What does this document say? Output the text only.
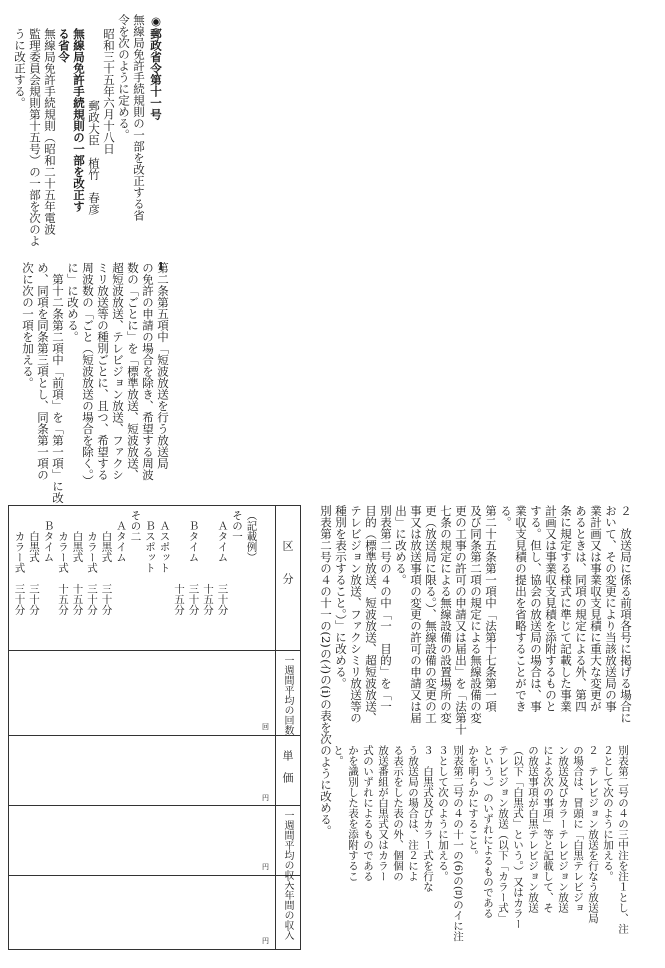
◉郵政省令第十一号
無線局免許手続規則の一部を改正する省
令を次のように定める。
昭和三十五年六月十八日
郵政大臣　植竹　春彦
無線局免許手続規則の一部を改正す
る省令
無線局免許手続規則（昭和二十五年電波
監理委員会規則第十五号）の一部を次のよ
うに改正する。
第二条第五項中「短波放送を行う放送局
の免許の申請の場合を除き、希望する周波
数の「ごとに」を「標準放送、短波放送、
超短波放送、テレビジョン放送、ファクシ
ミリ放送等の種別ごとに、且つ、希望する
周波数の「ごと（短波放送の場合を除く。）
に」に改める。
　第十二条第二項中「前項」を「第一項」に改
め、同項を同条第三項とし、同条第一項の
次に次の一項を加える。
２　放送局に係る前項各号に掲げる場合に
おいて、その変更により当該放送局の事
業計画又は事業収支見積に重大な変更が
あるときは、同項の規定による外、第四
条に規定する様式に準じて記載した事業
計画又は事業収支見積を添附するものと
する。但し、協会の放送局の場合は、事
業収支見積の提出を省略することができ
る。
第二十五条第一項中「法第十七条第一項
及び同条第二項の規定による無線設備の変
更の工事の許可の申請又は届出」を「法第十
七条の規定による無線設備の設置場所の変
更（放送局に限る。）、無線設備の変更の工
事又は放送事項の変更の許可の申請又は届
出」に改める。
別表第二号の４の中「一　目的」を「一
目的（標準放送、短波放送、超短波放送、
テレビジョン放送、ファクシミリ放送等の
種別を表示すること。）」に改める。
別表第二号の４の十一の(2)の(ｲ)の(i)の表を次のように改める。
別表第二号の４の三中注を注１とし、注
２として次のように加える。
２　テレビジョン放送を行なう放送局
の場合は、冒頭に「白黒テレビジョ
ン放送及びカラーテレビジョン放送
による次の事項」等と記載して、そ
の放送事項が白黒テレビジョン放送
（以下「白黒式」という。）又はカラー
テレビジョン放送（以下「カラー式」
という。）のいずれによるものである
かを明らかにすること。
別表第二号の４の十一の(6)の(ﾛ)のイに注
３として次のように加える。
３　白黒式及びカラー式を行な
う放送局の場合は、注２によ
る表示をした表の外、個個の
放送番組が白黒式又はカラー
式のいずれによるものである
かを識別した表を添附するこ
と。
区　　分
一週間平均の回数
単　価
一週間平均の収入
一年間の収入
回
円
円
円
（記載例）
その一
　Ａタイム　　三十分
　　　　　　　十五分
　Ｂタイム　　三十分
　　　　　　　十五分
　Ａスポット
　Ｂスポット
その二
　Ａタイム
　　白黒式　　三十分
　　カラー式　三十分
　　白黒式　　十五分
　　カラー式　十五分
　Ｂタイム
　　白黒式　　三十分
　　カラー式　三十分
